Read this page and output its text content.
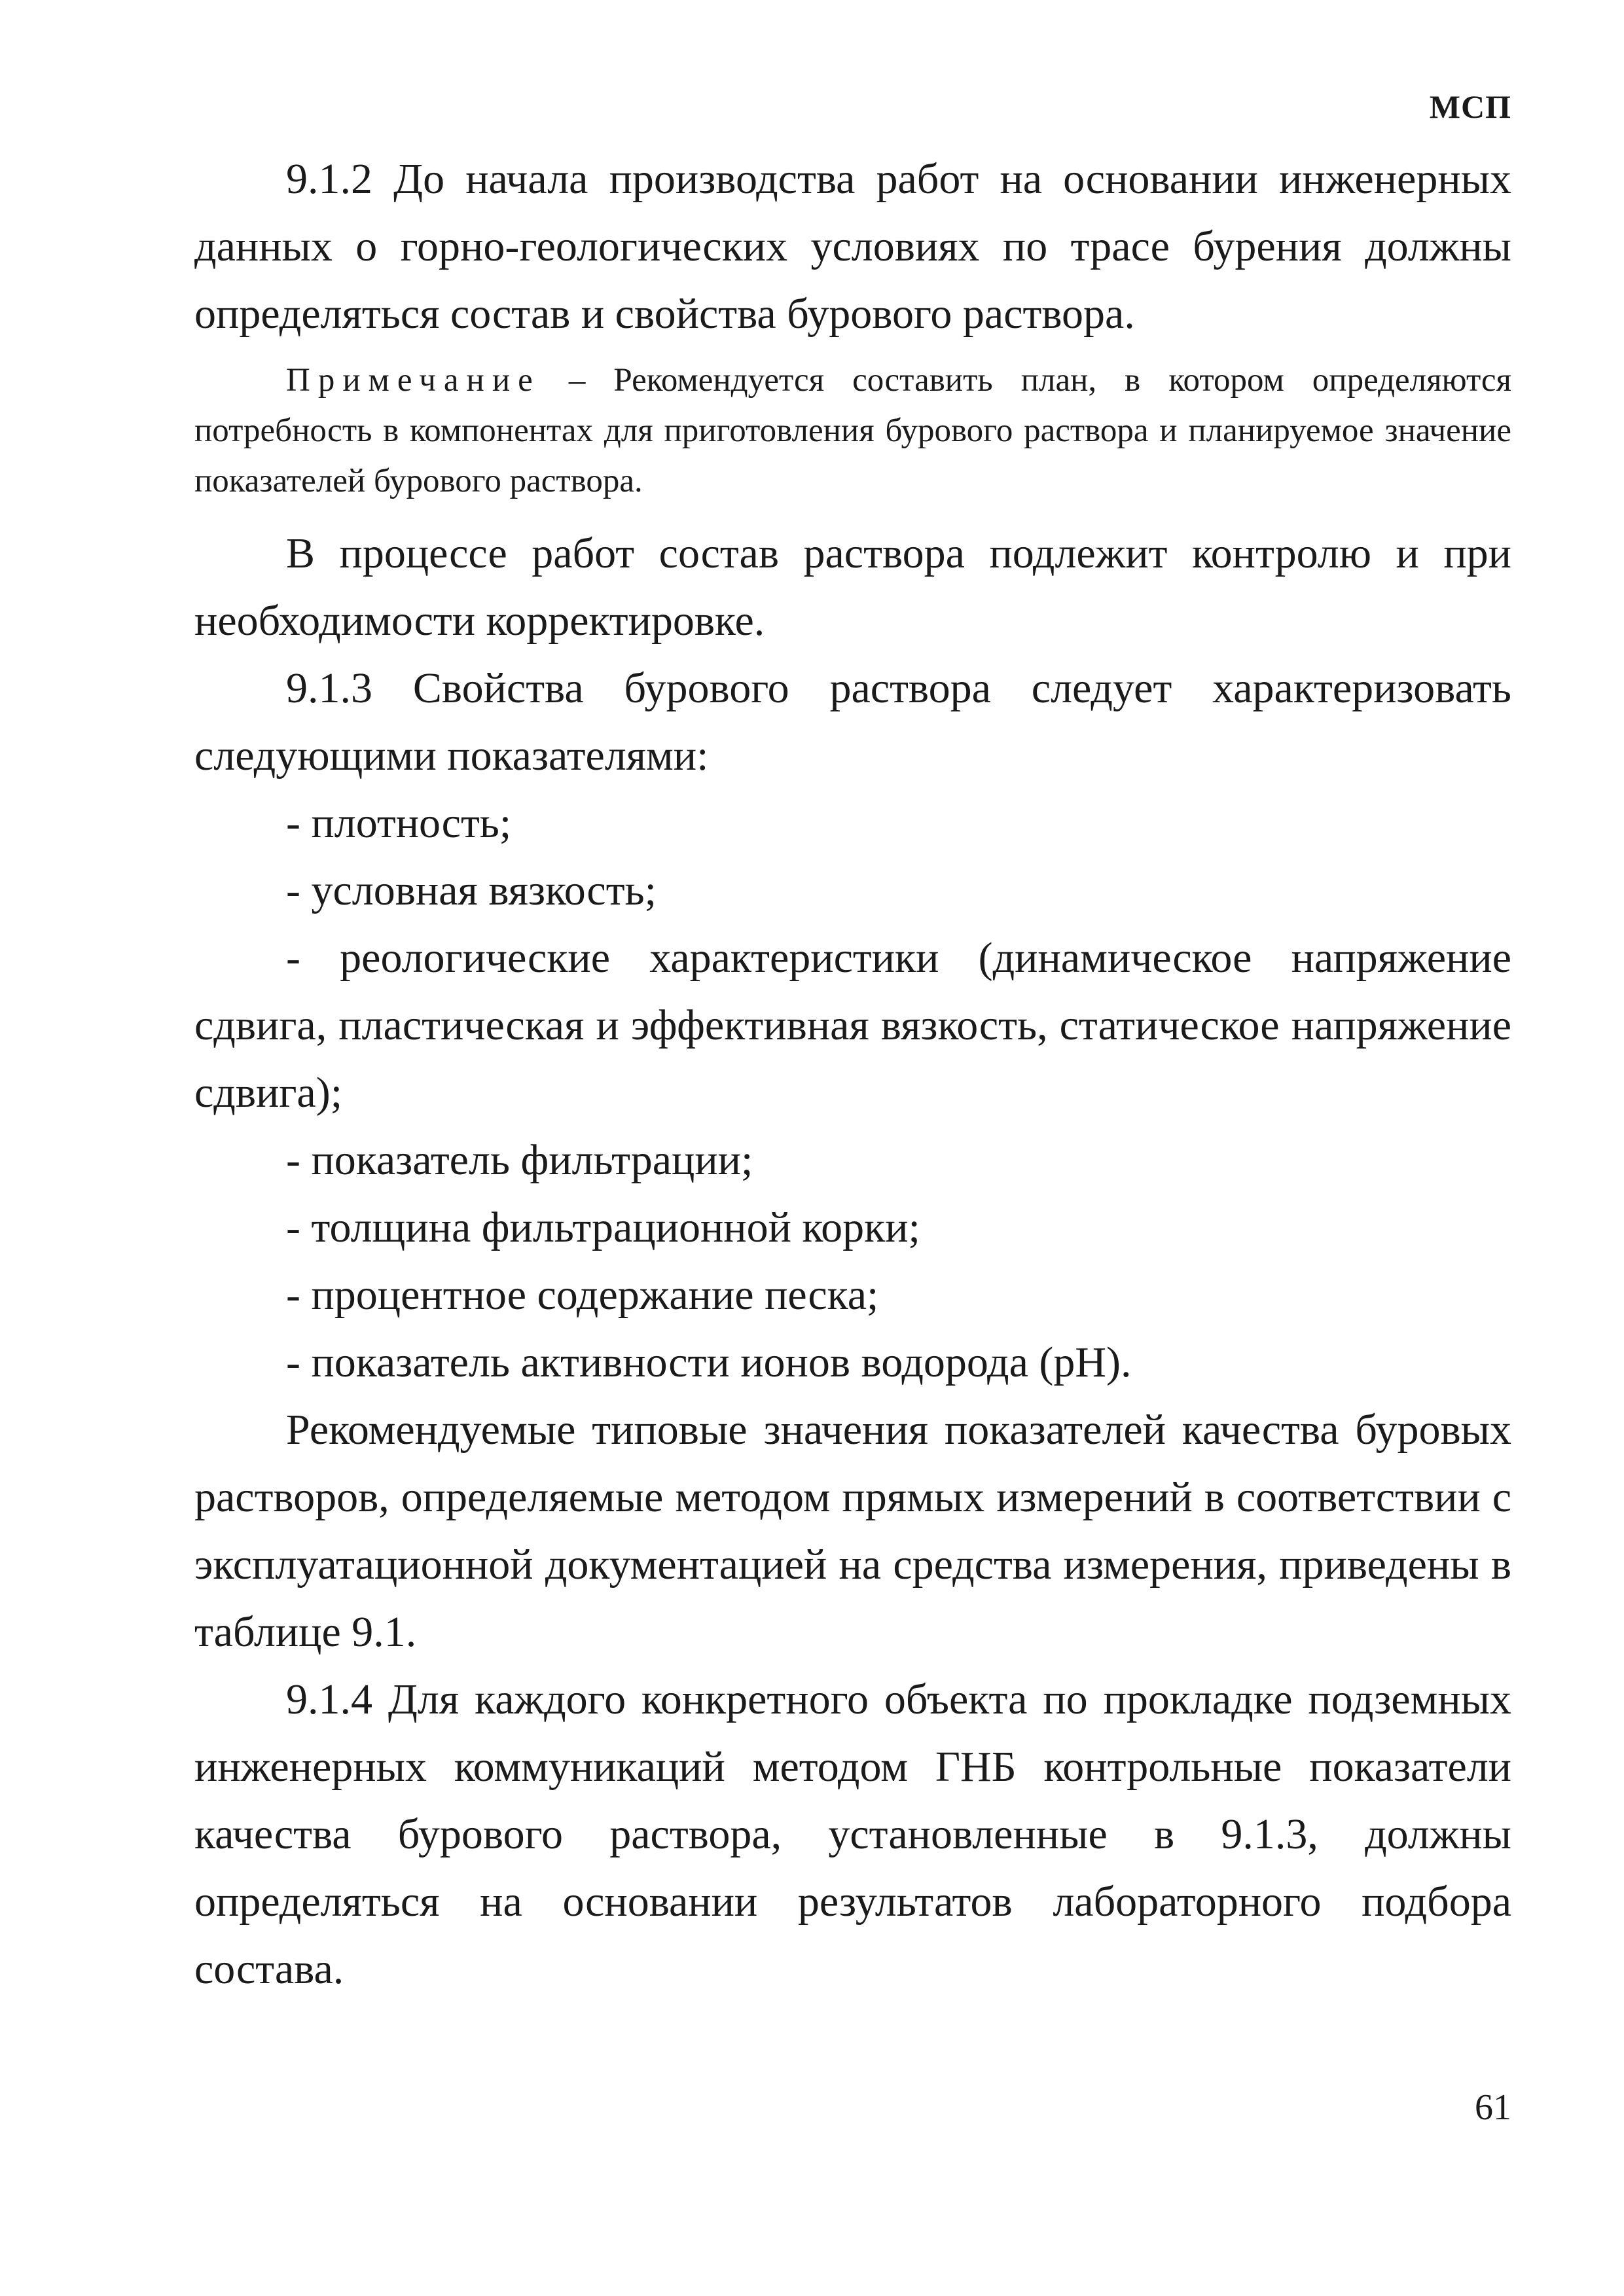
МСП

9.1.2 До начала производства работ на основании инженерных данных о горно-геологических условиях по трасе бурения должны определяться состав и свойства бурового раствора.

Примечание – Рекомендуется составить план, в котором определяются потребность в компонентах для приготовления бурового раствора и планируемое значение показателей бурового раствора.

В процессе работ состав раствора подлежит контролю и при необходимости корректировке.

9.1.3 Свойства бурового раствора следует характеризовать следующими показателями:

- плотность;
- условная вязкость;
- реологические характеристики (динамическое напряжение сдвига, пластическая и эффективная вязкость, статическое напряжение сдвига);
- показатель фильтрации;
- толщина фильтрационной корки;
- процентное содержание песка;
- показатель активности ионов водорода (pH).

Рекомендуемые типовые значения показателей качества буровых растворов, определяемые методом прямых измерений в соответствии с эксплуатационной документацией на средства измерения, приведены в таблице 9.1.

9.1.4 Для каждого конкретного объекта по прокладке подземных инженерных коммуникаций методом ГНБ контрольные показатели качества бурового раствора, установленные в 9.1.3, должны определяться на основании результатов лабораторного подбора состава.

61
